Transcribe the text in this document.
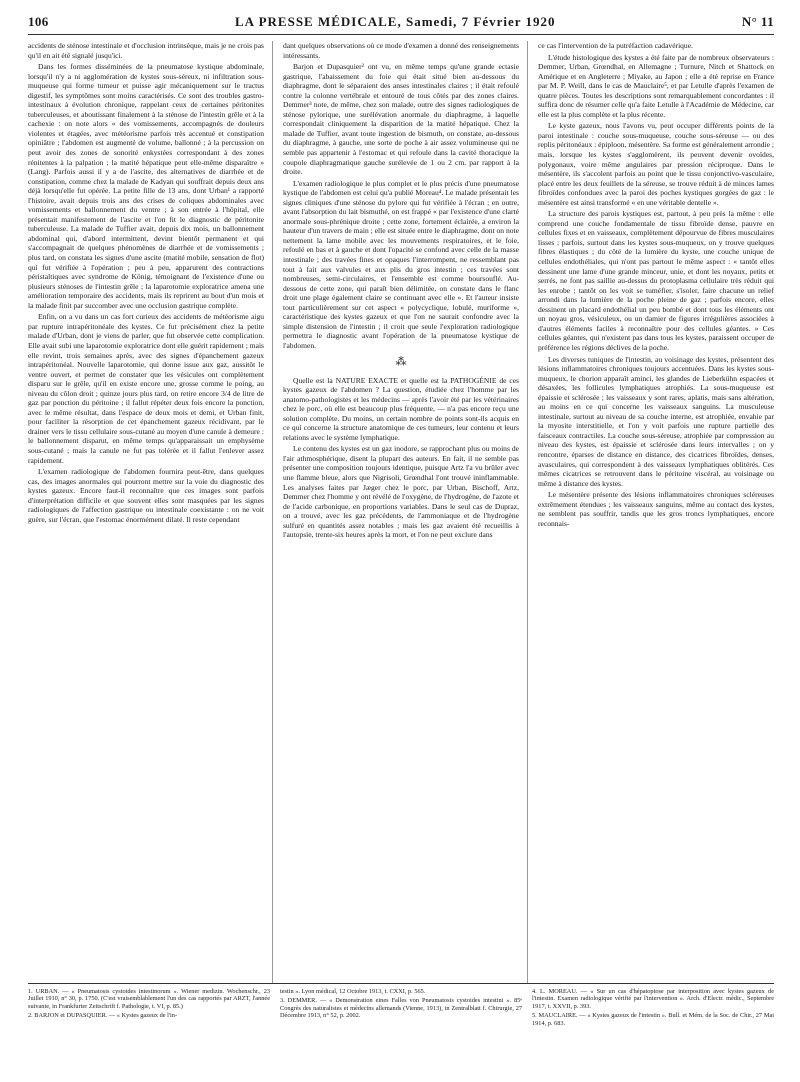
106	LA PRESSE MÉDICALE, Samedi, 7 Février 1920	N° 11

accidents de sténose intestinale et d'occlusion intrinsèque, mais je ne crois pas qu'il en ait été signalé jusqu'ici.

Dans les formes disséminées de la pneumatose kystique abdominale, lorsqu'il n'y a ni agglomération de kystes sous-séreux, ni infiltration sous-muqueuse qui forme tumeur et puisse agir mécaniquement sur le tractus digestif, les symptômes sont moins caractérisés. Ce sont des troubles gastro-intestinaux à évolution chronique, rappelant ceux de certaines péritonites tuberculeuses, et aboutissant finalement à la sténose de l'intestin grêle et à la cachexie : on note alors « des vomissements, accompagnés de douleurs violentes et étagées, avec météorisme parfois très accentué et constipation opiniâtre ; l'abdomen est augmenté de volume, ballonné ; à la percussion on peut avoir des zones de sonorité enkystées correspondant à des zones rénitentes à la palpation ; la matité hépatique peut elle-même disparaître » (Lang). Parfois aussi il y a de l'ascite, des alternatives de diarrhée et de constipation, comme chez la malade de Kadyan qui souffrait depuis deux ans déjà lorsqu'elle fut opérée. La petite fille de 13 ans, dont Urban¹ a rapporté l'histoire, avait depuis trois ans des crises de coliques abdominales avec vomissements et ballonnement du ventre ; à son entrée à l'hôpital, elle présentait manifestement de l'ascite et l'on fit le diagnostic de péritonite tuberculeuse. La malade de Tuffier avait, depuis dix mois, un ballonnement abdominal qui, d'abord intermittent, devint bientôt permanent et qui s'accompagnait de quelques phénomènes de diarrhée et de vomissements ; plus tard, on constata les signes d'une ascite (matité mobile, sensation de flot) qui fut vérifiée à l'opération ; peu à peu, apparurent des contractions péristaltiques avec syndrome de König, témoignant de l'existence d'une ou plusieurs sténoses de l'intestin grêle ; la laparotomie exploratrice amena une amélioration temporaire des accidents, mais ils reprirent au bout d'un mois et la malade finit par succomber avec une occlusion gastrique complète.

Enfin, on a vu dans un cas fort curieux des accidents de météorisme aigu par rupture intrapéritonéale des kystes. Ce fut précisément chez la petite malade d'Urban, dont je viens de parler, que fut observée cette complication. Elle avait subi une laparotomie exploratrice dont elle guérit rapidement ; mais elle revint, trois semaines après, avec des signes d'épanchement gazeux intrapéritonéal. Nouvelle laparotomie, qui donne issue aux gaz, aussitôt le ventre ouvert, et permet de constater que les vésicules ont complètement disparu sur le grêle, qu'il en existe encore une, grosse comme le poing, au niveau du côlon droit ; quinze jours plus tard, on retire encore 3/4 de litre de gaz par ponction du péritoine ; il fallut répéter deux fois encore la ponction, avec le même résultat, dans l'espace de deux mois et demi, et Urban finit, pour faciliter la résorption de cet épanchement gazeux récidivant, par le drainer vers le tissu cellulaire sous-cutané au moyen d'une canule à demeure : le ballonnement disparut, en même temps qu'apparaissait un emphysème sous-cutané ; mais la canule ne fut pas tolérée et il fallut l'enlever assez rapidement.

L'examen radiologique de l'abdomen fournira peut-être, dans quelques cas, des images anormales qui pourront mettre sur la voie du diagnostic des kystes gazeux. Encore faut-il reconnaître que ces images sont parfois d'interprétation difficile et que souvent elles sont masquées par les signes radiologiques de l'affection gastrique ou intestinale coexistante : on ne voit guère, sur l'écran, que l'estomac énormément dilaté. Il reste cependant

dant quelques observations où ce mode d'examen a donné des renseignements intéressants.

Barjon et Dupasquier² ont vu, en même temps qu'une grande ectasie gastrique, l'abaissement du foie qui était situé bien au-dessous du diaphragme, dont le séparaient des anses intestinales claires ; il était refoulé contre la colonne vertébrale et entouré de tous côtés par des zones claires. Demmer³ note, de même, chez son malade, outre des signes radiologiques de sténose pylorique, une surélévation anormale du diaphragme, à laquelle correspondait cliniquement la disparition de la matité hépatique. Chez la malade de Tuffier, avant toute ingestion de bismuth, on constate, au-dessous du diaphragme, à gauche, une sorte de poche à air assez volumineuse qui ne semble pas appartenir à l'estomac et qui refoule dans la cavité thoracique la coupole diaphragmatique gauche surélevée de 1 ou 2 cm. par rapport à la droite.

L'examen radiologique le plus complet et le plus précis d'une pneumatose kystique de l'abdomen est celui qu'a publié Moreau⁴. Le malade présentait les signes cliniques d'une sténose du pylore qui fut vérifiée à l'écran ; en outre, avant l'absorption du lait bismuthé, on est frappé « par l'existence d'une clarté anormale sous-phrénique droite ; cette zone, fortement éclairée, a environ la hauteur d'un travers de main ; elle est située entre le diaphragme, dont on note nettement la lame mobile avec les mouvements respiratoires, et le foie, refoulé en bas et à gauche et dont l'opacité se confond avec celle de la masse intestinale ; des travées fines et opaques l'interrompent, ne ressemblant pas tout à fait aux valvules et aux plis du gros intestin ; ces travées sont nombreuses, semi-circulaires, et l'ensemble est comme boursouflé. Au-dessous de cette zone, qui paraît bien délimitée, on constate dans le flanc droit une plage également claire se continuant avec elle ». Et l'auteur insiste tout particulièrement sur cet aspect « polycyclique, lobulé, muriforme », caractéristique des kystes gazeux et que l'on ne saurait confondre avec la simple distension de l'intestin ; il croit que seule l'exploration radiologique permettra le diagnostic avant l'opération de la pneumatose kystique de l'abdomen.

⁂

Quelle est la NATURE EXACTE et quelle est la PATHOGÉNIE de ces kystes gazeux de l'abdomen ? La question, étudiée chez l'homme par les anatomo-pathologistes et les médecins — après l'avoir été par les vétérinaires chez le porc, où elle est beaucoup plus fréquente, — n'a pas encore reçu une solution complète. Du moins, un certain nombre de points sont-ils acquis en ce qui concerne la structure anatomique de ces tumeurs, leur contenu et leurs relations avec le système lymphatique.

Le contenu des kystes est un gaz inodore, se rapprochant plus ou moins de l'air athmosphérique, disent la plupart des auteurs. En fait, il ne semble pas présenter une composition toujours identique, puisque Artz l'a vu brûler avec une flamme bleue, alors que Nigrisoli, Grœndhal l'ont trouvé ininflammable. Les analyses faites par Jæger chez le porc, par Urban, Bischoff, Artz, Demmer chez l'homme y ont révélé de l'oxygène, de l'hydrogène, de l'azote et de l'acide carbonique, en proportions variables. Dans le seul cas de Dupraz, on a trouvé, avec les gaz précédents, de l'ammoniaque et de l'hydrogène sulfuré en quantités assez notables ; mais les gaz avaient été recueillis à l'autopsie, trente-six heures après la mort, et l'on ne peut exclure dans

ce cas l'intervention de la putréfaction cadavérique.

L'étude histologique des kystes a été faite par de nombreux observateurs : Demmer, Urban, Grœndhal, en Allemagne ; Turnure, Nitch et Shattock en Amérique et en Angleterre ; Miyake, au Japon ; elle a été reprise en France par M. P. Weill, dans le cas de Mauclaire⁵, et par Letulle d'après l'examen de quatre pièces. Toutes les descriptions sont remarquablement concordantes : il suffira donc de résumer celle qu'a faite Letulle à l'Académie de Médecine, car elle est la plus complète et la plus récente.

Le kyste gazeux, nous l'avons vu, peut occuper différents points de la paroi intestinale : couche sous-muqueuse, couche sous-séreuse — ou des replis péritonéaux : épiploon, mésentère. Sa forme est généralement arrondie ; mais, lorsque les kystes s'agglomèrent, ils peuvent devenir ovoïdes, polygonaux, voire même angulaires par pression réciproque. Dans le mésentère, ils s'accolent parfois au point que le tissu conjonctivo-vasculaire, placé entre les deux feuillets de la séreuse, se trouve réduit à de minces lames fibroïdes confondues avec la paroi des poches kystiques gorgées de gaz : le mésentère est ainsi transformé « en une véritable dentelle ».

La structure des parois kystiques est, partout, à peu près la même : elle comprend une couche fondamentale de tissu fibroïde dense, pauvre en cellules fixes et en vaisseaux, complètement dépourvue de fibres musculaires lisses ; parfois, surtout dans les kystes sous-muqueux, on y trouve quelques fibres élastiques ; du côté de la lumière du kyste, une couche unique de cellules endothéliales, qui n'ont pas partout le même aspect : « tantôt elles dessinent une lame d'une grande minceur, unie, et dont les noyaux, petits et serrés, ne font pas saillie au-dessus du protoplasma cellulaire très réduit qui les enrobe ; tantôt on les voit se tuméfier, s'isoler, faire chacune un relief arrondi dans la lumière de la poche pleine de gaz ; parfois encore, elles dessinent un placard endothélial un peu bombé et dont tous les éléments ont un noyau gros, vésiculeux, ou un damier de figures irrégulières associées à d'autres éléments faciles à reconnaître pour des cellules géantes. » Ces cellules géantes, qui n'existent pas dans tous les kystes, paraissent occuper de préférence les régions déclives de la poche.

Les diverses tuniques de l'intestin, au voisinage des kystes, présentent des lésions inflammatoires chroniques toujours accentuées. Dans les kystes sous-muqueux, le chorion apparaît aminci, les glandes de Lieberkühn espacées et désaxées, les follicules lymphatiques atrophiés. La sous-muqueuse est épaissie et sclérosée ; les vaisseaux y sont rares, aplatis, mais sans altération, au moins en ce qui concerne les vaisseaux sanguins. La musculeuse intestinale, surtout au niveau de sa couche interne, est atrophiée, envahie par la myosite interstitielle, et l'on y voit parfois une rupture partielle des faisceaux contractiles. La couche sous-séreuse, atrophiée par compression au niveau des kystes, est épaissie et sclérosée dans leurs intervalles ; on y rencontre, éparses de distance en distance, des cicatrices fibroïdes, denses, avasculaires, qui correspondent à des vaisseaux lymphatiques oblitérés. Ces mêmes cicatrices se retrouvent dans le péritoine viscéral, au voisinage ou même à distance des kystes.

Le mésentère présente des lésions inflammatoires chroniques scléreuses extrêmement étendues ; les vaisseaux sanguins, même au contact des kystes, ne semblent pas souffrir, tandis que les gros troncs lymphatiques, encore reconnais-

1. URBAN. — « Pneumatosis cystoides intestinorum ». Wiener medizin. Wochenschr., 23 Juillet 1910, n° 30, p. 1750. (C'est vraisemblablement l'un des cas rapportés par ARZT, l'année suivante, in Frankfurter Zeitschrift f. Pathologie, t. VI, p. 85.)

2. BARJON et DUPASQUIER. — « Kystes gazeux de l'in-

testin ». Lyon médical, 12 Octobre 1913, t. CXXI, p. 565.

3. DEMMER. — « Demonstration eines Falles von Pneumatosis cystoides intestini ». 85ᵉ Congrès des naturalistes et médecins allemands (Vienne, 1913), in Zentralblatt f. Chirurgie, 27 Décembre 1913, n° 52, p. 2002.

4. L. MOREAU. — « Sur un cas d'hépatoptose par interposition avec kystes gazeux de l'intestin. Examen radiologique vérifié par l'intervention ». Arch. d'Electr. médic., Septembre 1917, t. XXVII, p. 393.

5. MAUCLAIRE. — « Kystes gazeux de l'intestin ». Bull. et Mém. de la Soc. de Chir., 27 Mai 1914, p. 683.
